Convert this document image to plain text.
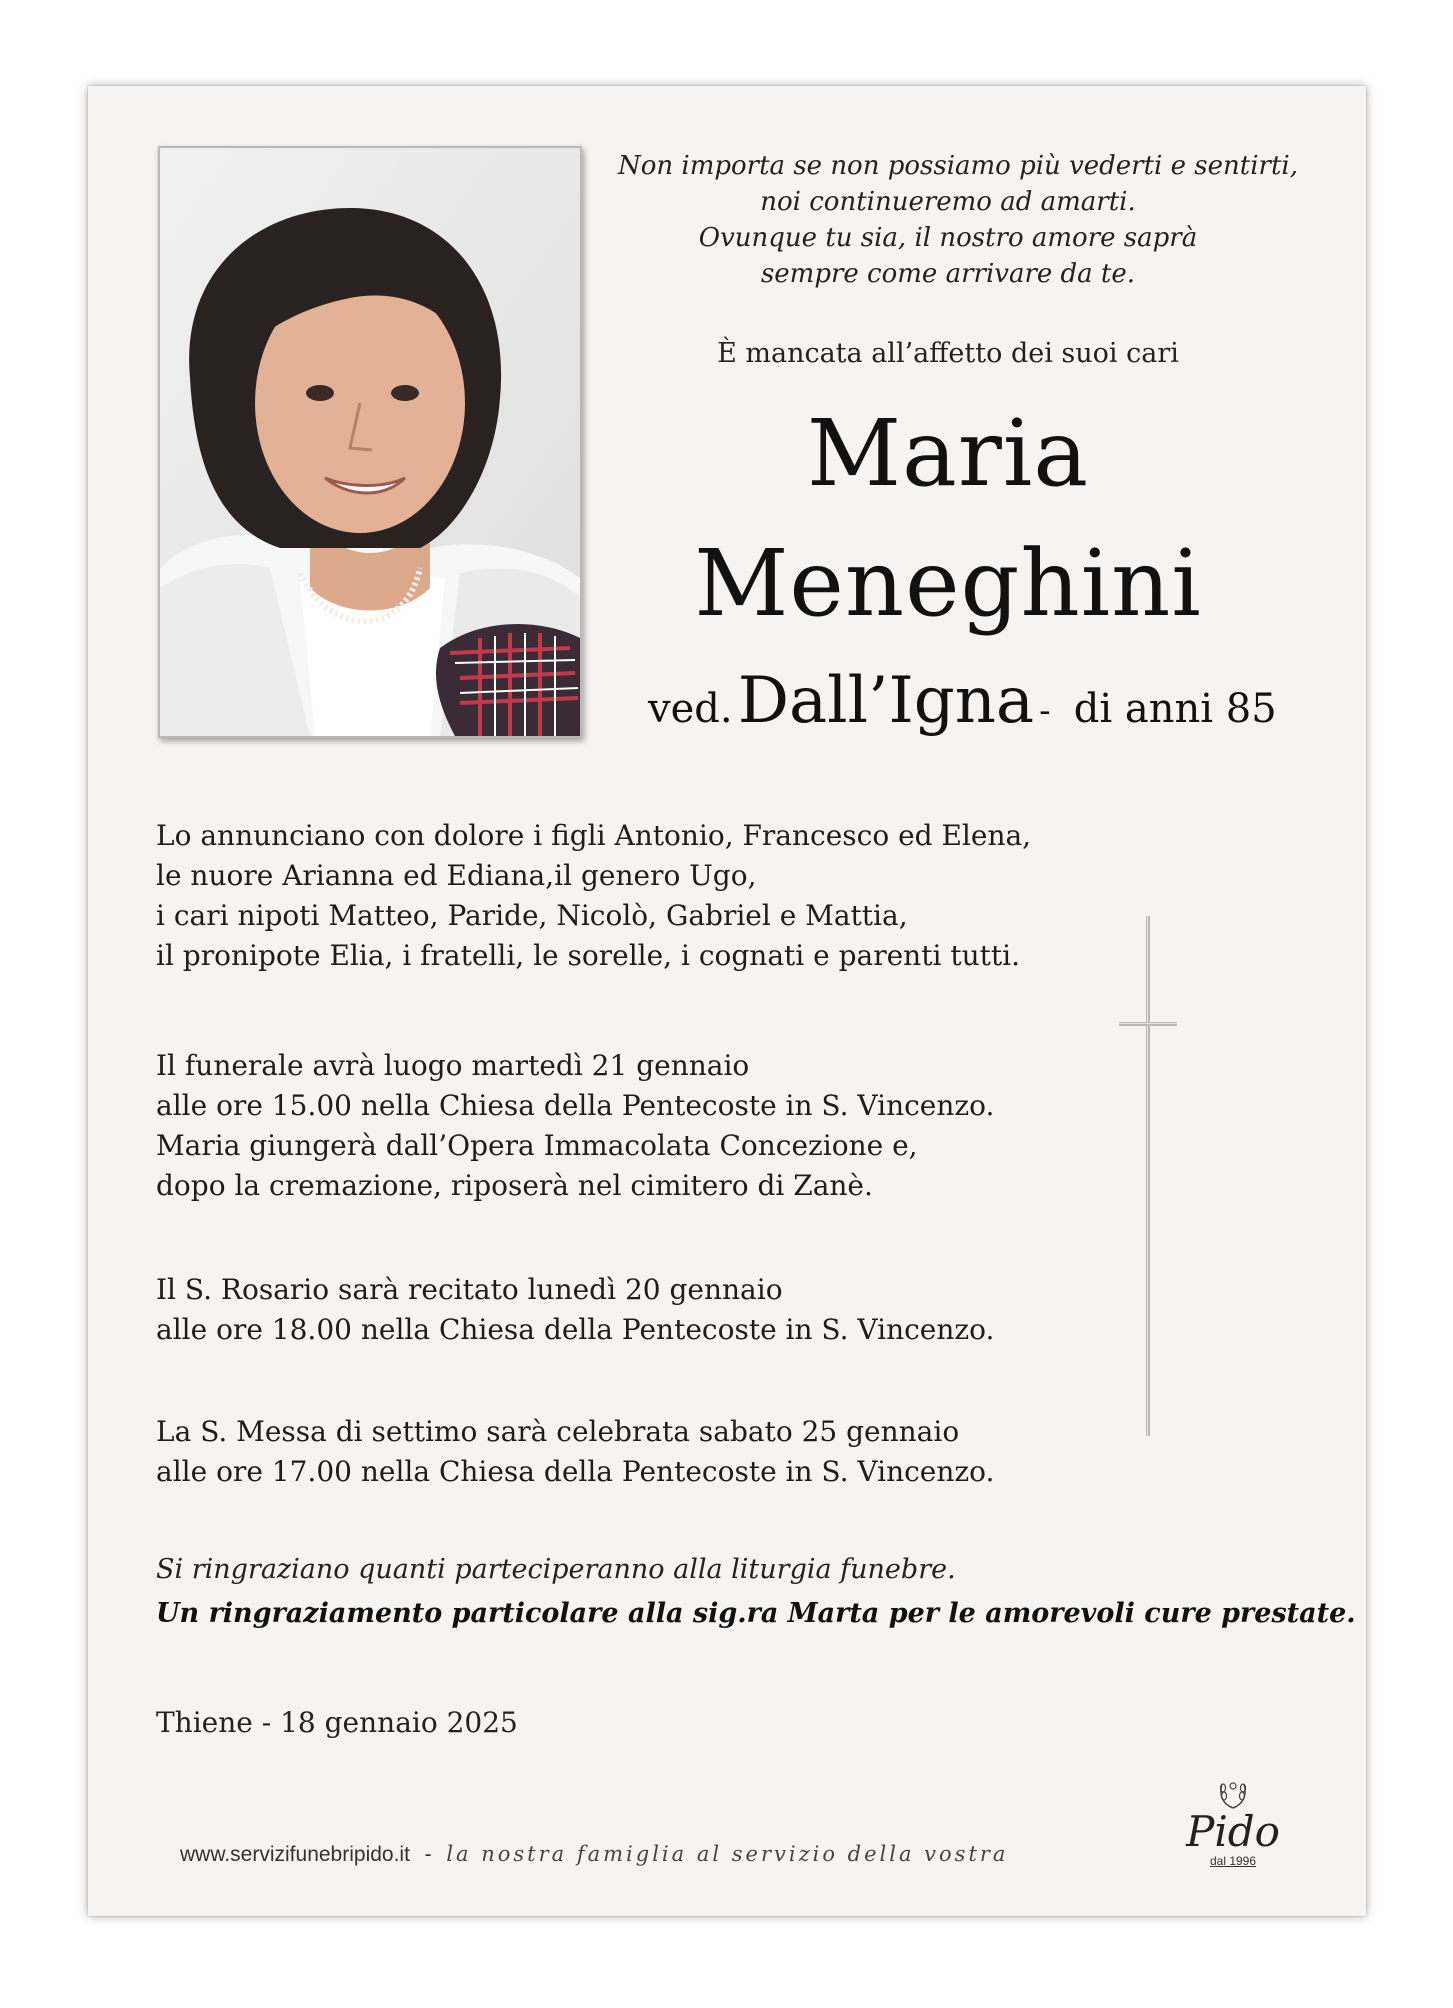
Non importa se non possiamo più vederti e sentirti,
noi continueremo ad amarti.
Ovunque tu sia, il nostro amore saprà
sempre come arrivare da te.
È mancata all’affetto dei suoi cari
Maria
Meneghini
ved. Dall’Igna - di anni 85
Lo annunciano con dolore i figli Antonio, Francesco ed Elena,
le nuore Arianna ed Ediana,il genero Ugo,
i cari nipoti Matteo, Paride, Nicolò, Gabriel e Mattia,
il pronipote Elia, i fratelli, le sorelle, i cognati e parenti tutti.
Il funerale avrà luogo martedì 21 gennaio
alle ore 15.00 nella Chiesa della Pentecoste in S. Vincenzo.
Maria giungerà dall’Opera Immacolata Concezione e,
dopo la cremazione, riposerà nel cimitero di Zanè.
Il S. Rosario sarà recitato lunedì 20 gennaio
alle ore 18.00 nella Chiesa della Pentecoste in S. Vincenzo.
La S. Messa di settimo sarà celebrata sabato 25 gennaio
alle ore 17.00 nella Chiesa della Pentecoste in S. Vincenzo.
Si ringraziano quanti parteciperanno alla liturgia funebre.
Un ringraziamento particolare alla sig.ra Marta per le amorevoli cure prestate.
Thiene - 18 gennaio 2025
www.servizifunebripido.it - la nostra famiglia al servizio della vostra	Pido
dal 1996
